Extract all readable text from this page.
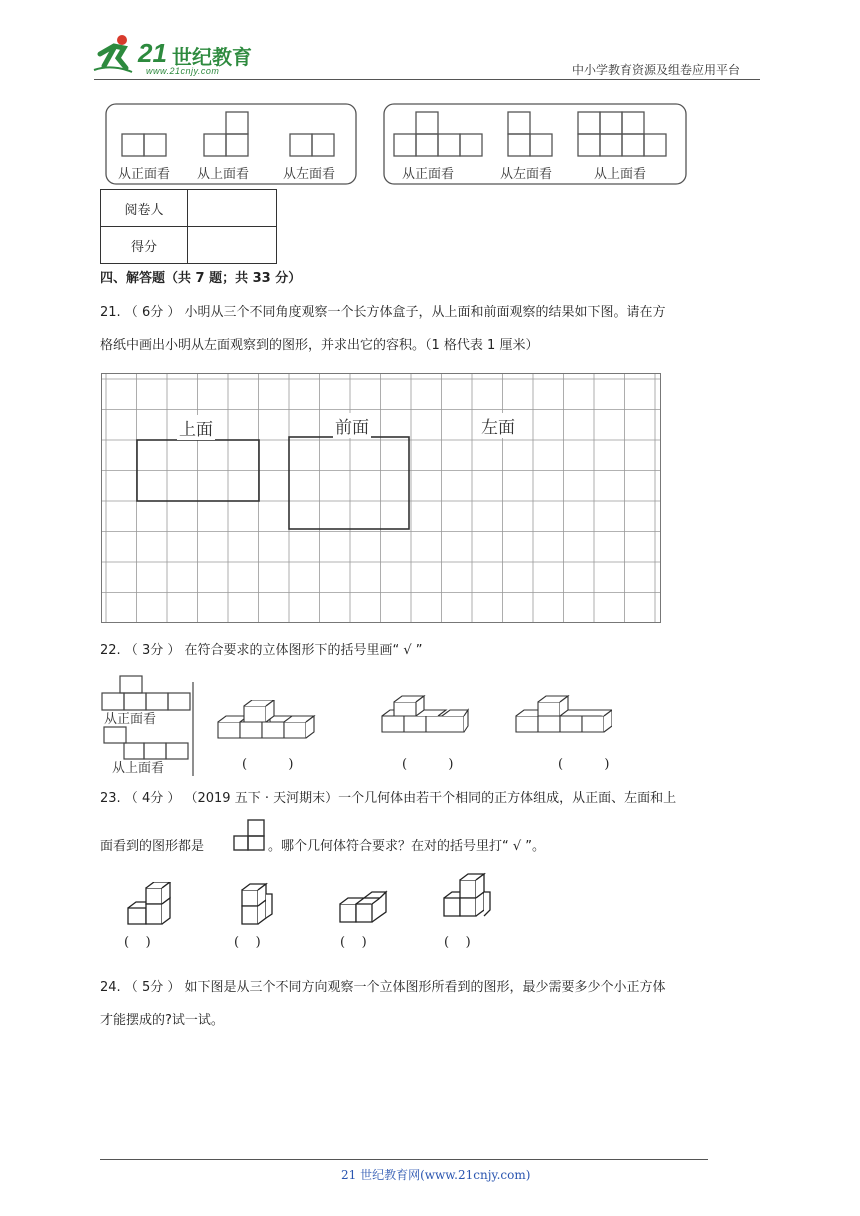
21 世纪教育
www.21cnjy.com	中小学教育资源及组卷应用平台
从正面看 从上面看	从左面看	从正面看	从左面看	从上面看
阅卷人	
得分	
四、解答题（共 7 题；共 33 分）
21. （ 6分 ） 小明从三个不同角度观察一个长方体盒子，从上面和前面观察的结果如下图。请在方
格纸中画出小明从左面观察到的图形，并求出它的容积。（1 格代表 1 厘米）
上面	前面	左面
22. （ 3分 ） 在符合要求的立体图形下的括号里画“ √ ”
从正面看
从上面看	(          )	(          )	(          )
23. （ 4分 ） （2019 五下 · 天河期末）一个几何体由若干个相同的正方体组成，从正面、左面和上
面看到的图形都是	。哪个几何体符合要求？在对的括号里打“ √ ”。
(    )	(    )	(    )	(    )
24. （ 5分 ） 如下图是从三个不同方向观察一个立体图形所看到的图形，最少需要多少个小正方体
才能摆成的?试一试。
21 世纪教育网(www.21cnjy.com)
